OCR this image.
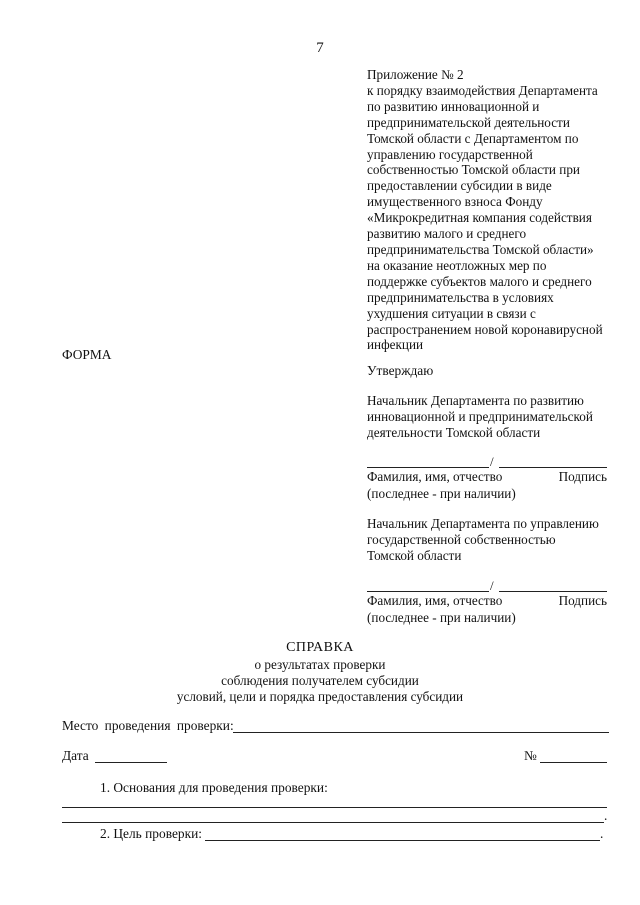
7
Приложение № 2
к порядку взаимодействия Департамента
по развитию инновационной и
предпринимательской деятельности
Томской области с Департаментом по
управлению государственной
собственностью Томской области при
предоставлении субсидии в виде
имущественного взноса Фонду
«Микрокредитная компания содействия
развитию малого и среднего
предпринимательства Томской области»
на оказание неотложных мер по
поддержке субъектов малого и среднего
предпринимательства в условиях
ухудшения ситуации в связи с
распространением новой коронавирусной
инфекции
ФОРМА
Утверждаю
Начальник Департамента по развитию
инновационной и предпринимательской
деятельности Томской области
/
Фамилия, имя, отчество	Подпись
(последнее - при наличии)
Начальник Департамента по управлению
государственной собственностью
Томской области
/
Фамилия, имя, отчество	Подпись
(последнее - при наличии)
СПРАВКА
о результатах проверки
соблюдения получателем субсидии
условий, цели и порядка предоставления субсидии
Место проведения проверки:
Дата	№
1. Основания для проведения проверки:
.
2. Цель проверки:	.
